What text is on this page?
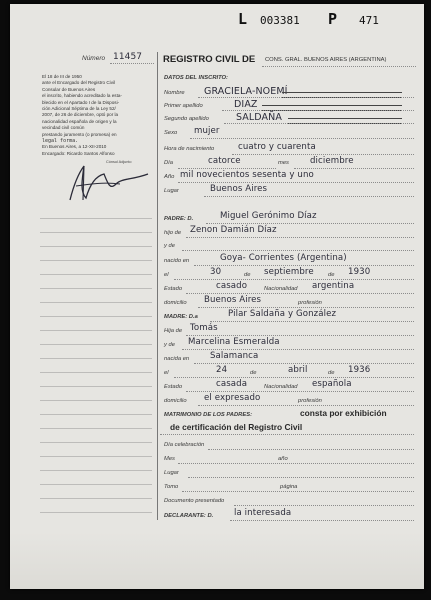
L 003381 P 471
Número 11457
El 18 de III de 1950
ante el Encargado del Registro Civil
Consular de Buenos Aires
el inscrito, habiendo acreditado la esta-
blecido en el Apartado I de la Disposi-
ción Adicional Séptima de la Ley 52/
2007, de 26 de diciembre, optó por la
nacionalidad española de origen y la
vecindad civil común
prestando juramento (o promesa) en
legal forma.
En Buenos Aires, a 12-XII-2010
Encargado: Ricardo Santos Alfonso
Cónsul Adjunto
REGISTRO CIVIL DE CONS. GRAL. BUENOS AIRES (ARGENTINA)
DATOS DEL INSCRITO:
Nombre GRACIELA-NOEMÍ
Primer apellido	DIAZ
Segundo apellido	SALDAÑA
Sexo mujer
Hora de nacimiento	cuatro y cuarenta
Día	catorce	mes diciembre
Año mil novecientos sesenta y uno
Lugar	Buenos Aires
PADRE: D.	Miguel Gerónimo Díaz
hijo de Zenon Damián Díaz
y de
nacido en	Goya- Corrientes (Argentina)
el	30	de septiembre de 1930
Estado	casado	Nacionalidad argentina
domicilio Buenos Aires	profesión
MADRE: D.a	Pilar Saldaña y González
Hija de Tomás
y de Marcelina Esmeralda
nacida en Salamanca
el	24	de	abril	de 1936
Estado	casada	Nacionalidad española
domicilio el expresado	profesión
MATRIMONIO DE LOS PADRES:	consta por exhibición
de certificación del Registro Civil
Día celebración
Mes	año
Lugar
Tomo	página
Documento presentado
DECLARANTE: D. la interesada
